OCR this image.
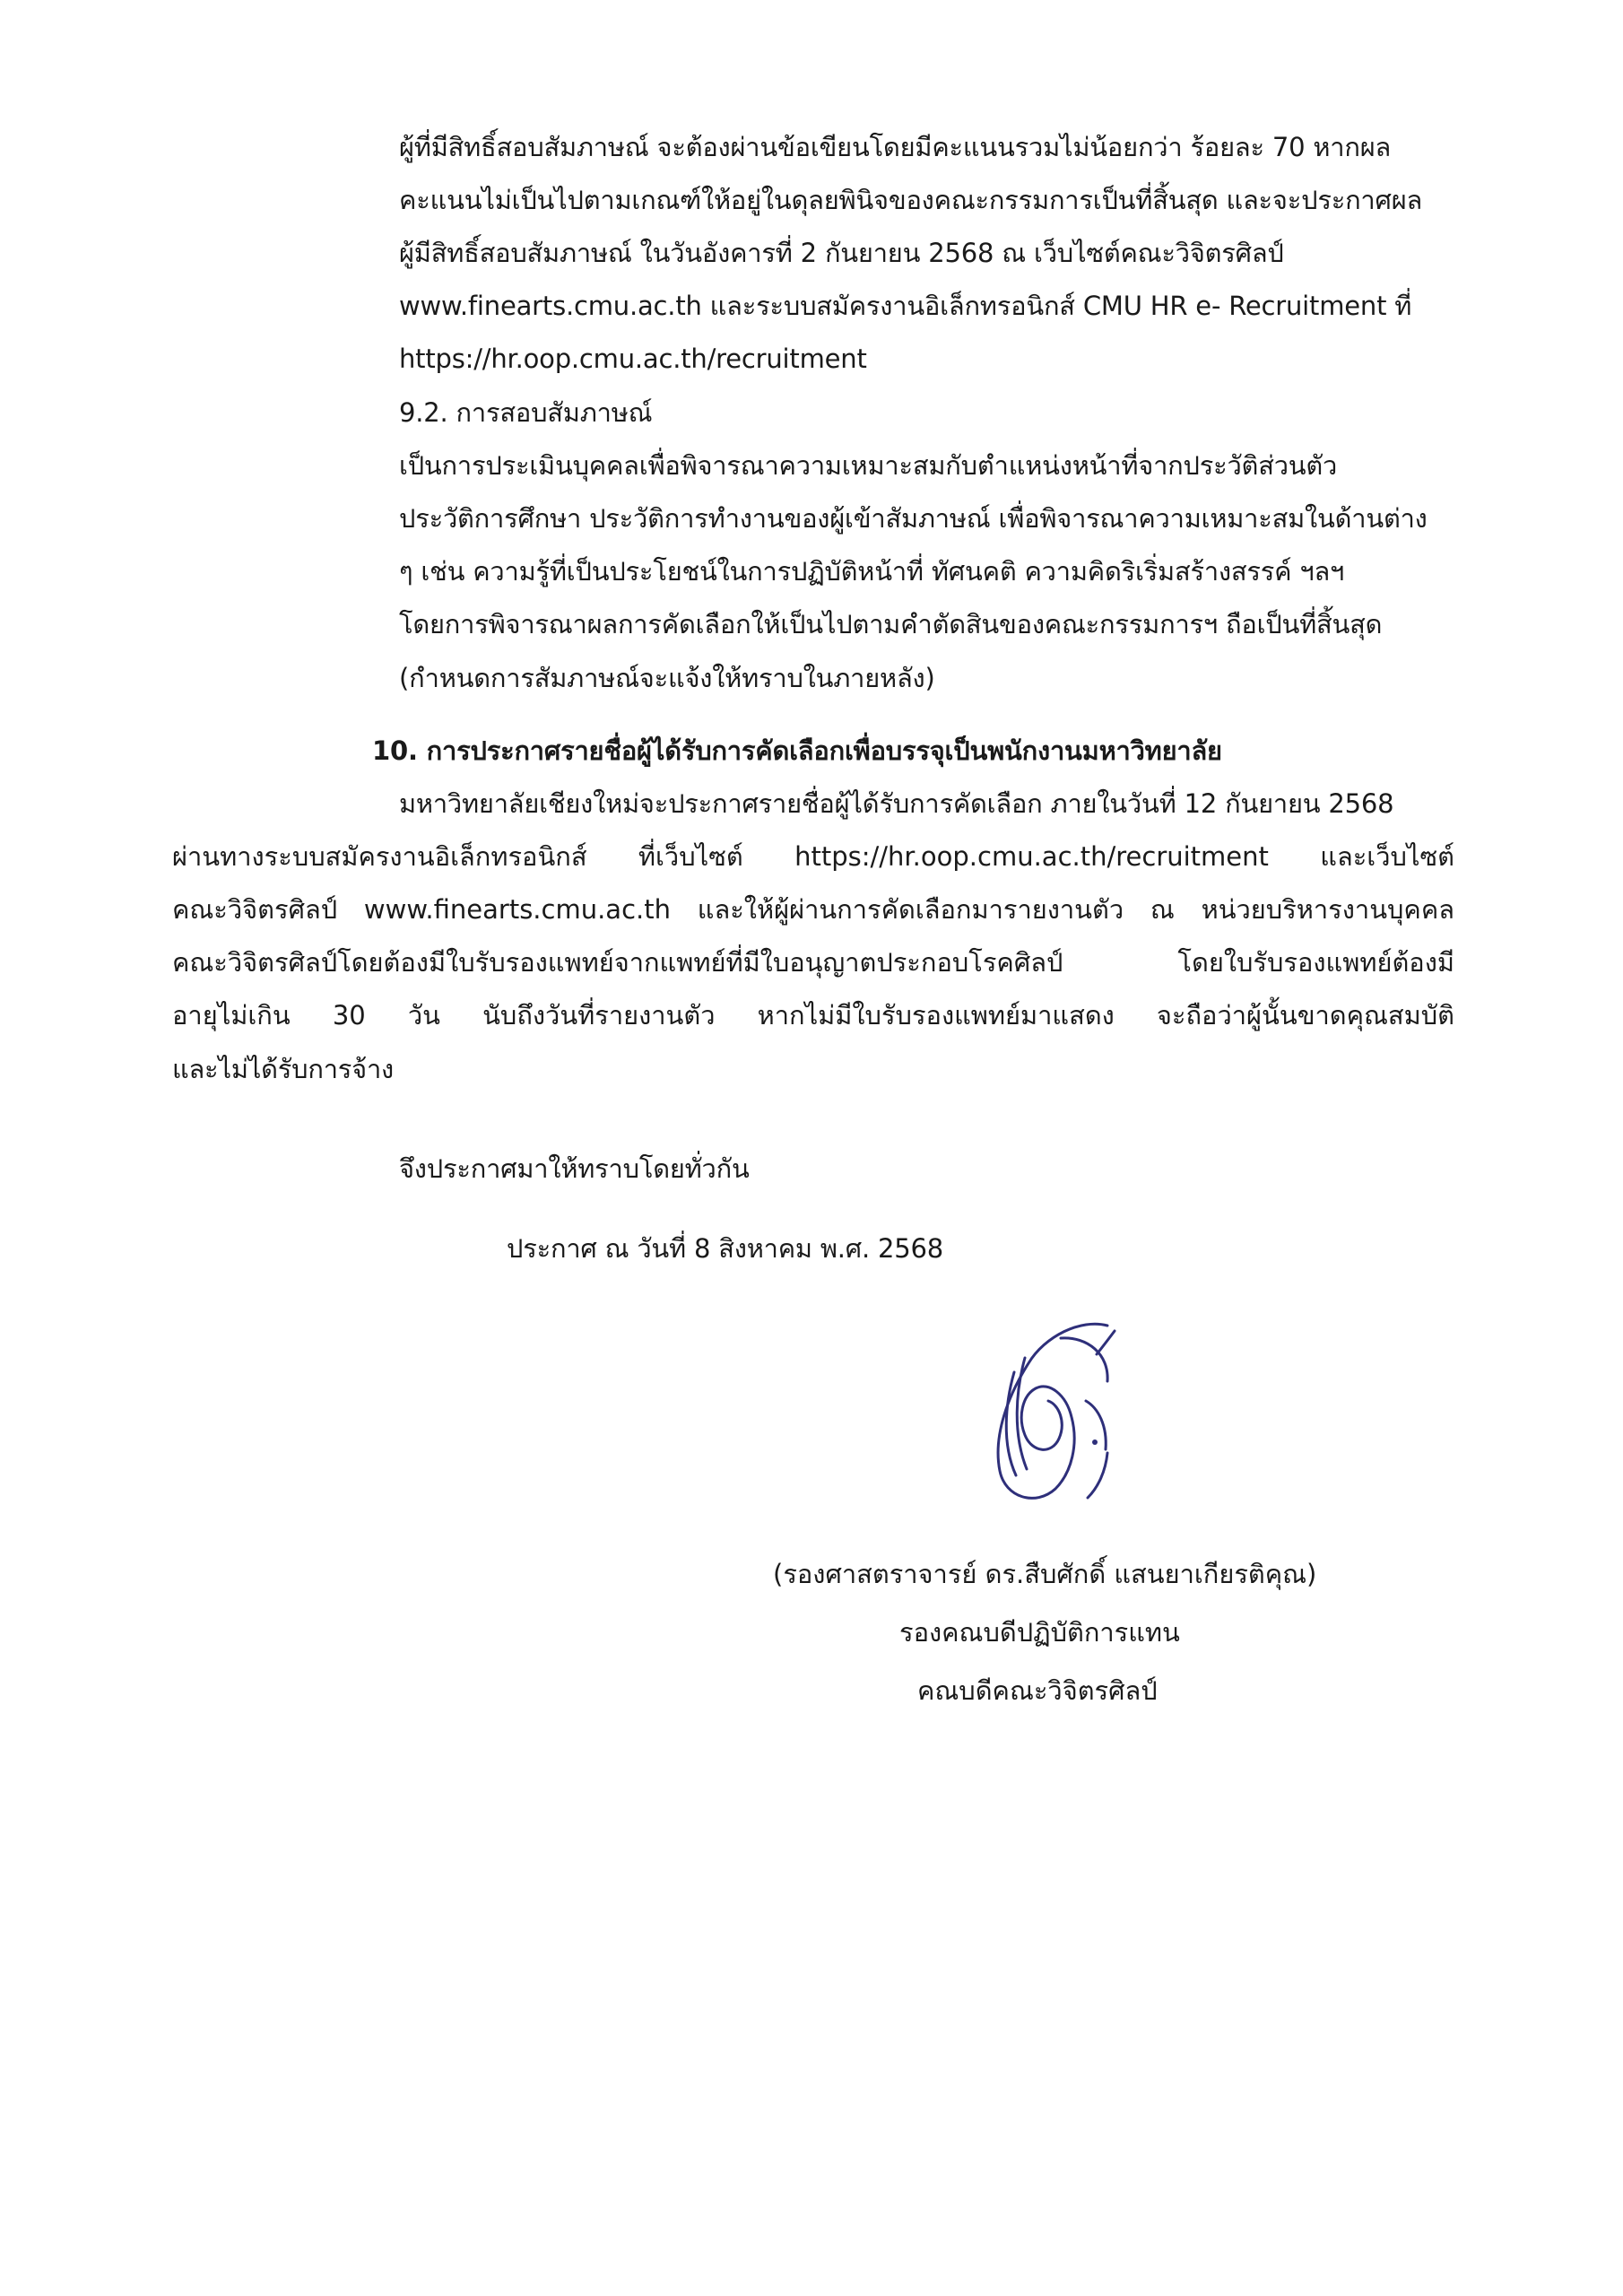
ผู้ที่มีสิทธิ์สอบสัมภาษณ์ จะต้องผ่านข้อเขียนโดยมีคะแนนรวมไม่น้อยกว่า ร้อยละ 70 หากผล
คะแนนไม่เป็นไปตามเกณฑ์ให้อยู่ในดุลยพินิจของคณะกรรมการเป็นที่สิ้นสุด และจะประกาศผล
ผู้มีสิทธิ์สอบสัมภาษณ์ ในวันอังคารที่ 2 กันยายน 2568 ณ เว็บไซต์คณะวิจิตรศิลป์
www.finearts.cmu.ac.th และระบบสมัครงานอิเล็กทรอนิกส์ CMU HR e- Recruitment ที่
https://hr.oop.cmu.ac.th/recruitment
9.2. การสอบสัมภาษณ์
เป็นการประเมินบุคคลเพื่อพิจารณาความเหมาะสมกับตำแหน่งหน้าที่จากประวัติส่วนตัว
ประวัติการศึกษา ประวัติการทำงานของผู้เข้าสัมภาษณ์ เพื่อพิจารณาความเหมาะสมในด้านต่าง
ๆ เช่น ความรู้ที่เป็นประโยชน์ในการปฏิบัติหน้าที่ ทัศนคติ ความคิดริเริ่มสร้างสรรค์ ฯลฯ
โดยการพิจารณาผลการคัดเลือกให้เป็นไปตามคำตัดสินของคณะกรรมการฯ ถือเป็นที่สิ้นสุด
(กำหนดการสัมภาษณ์จะแจ้งให้ทราบในภายหลัง)
10. การประกาศรายชื่อผู้ได้รับการคัดเลือกเพื่อบรรจุเป็นพนักงานมหาวิทยาลัย
มหาวิทยาลัยเชียงใหม่จะประกาศรายชื่อผู้ได้รับการคัดเลือก ภายในวันที่ 12 กันยายน 2568
ผ่านทางระบบสมัครงานอิเล็กทรอนิกส์ ที่เว็บไซต์ https://hr.oop.cmu.ac.th/recruitment และเว็บไซต์
คณะวิจิตรศิลป์ www.finearts.cmu.ac.th และให้ผู้ผ่านการคัดเลือกมารายงานตัว ณ หน่วยบริหารงานบุคคล
คณะวิจิตรศิลป์โดยต้องมีใบรับรองแพทย์จากแพทย์ที่มีใบอนุญาตประกอบโรคศิลป์ โดยใบรับรองแพทย์ต้องมี
อายุไม่เกิน 30 วัน นับถึงวันที่รายงานตัว หากไม่มีใบรับรองแพทย์มาแสดง จะถือว่าผู้นั้นขาดคุณสมบัติ
และไม่ได้รับการจ้าง
จึงประกาศมาให้ทราบโดยทั่วกัน
ประกาศ ณ วันที่ 8 สิงหาคม พ.ศ. 2568
(รองศาสตราจารย์ ดร.สืบศักดิ์ แสนยาเกียรติคุณ)
รองคณบดีปฏิบัติการแทน
คณบดีคณะวิจิตรศิลป์
